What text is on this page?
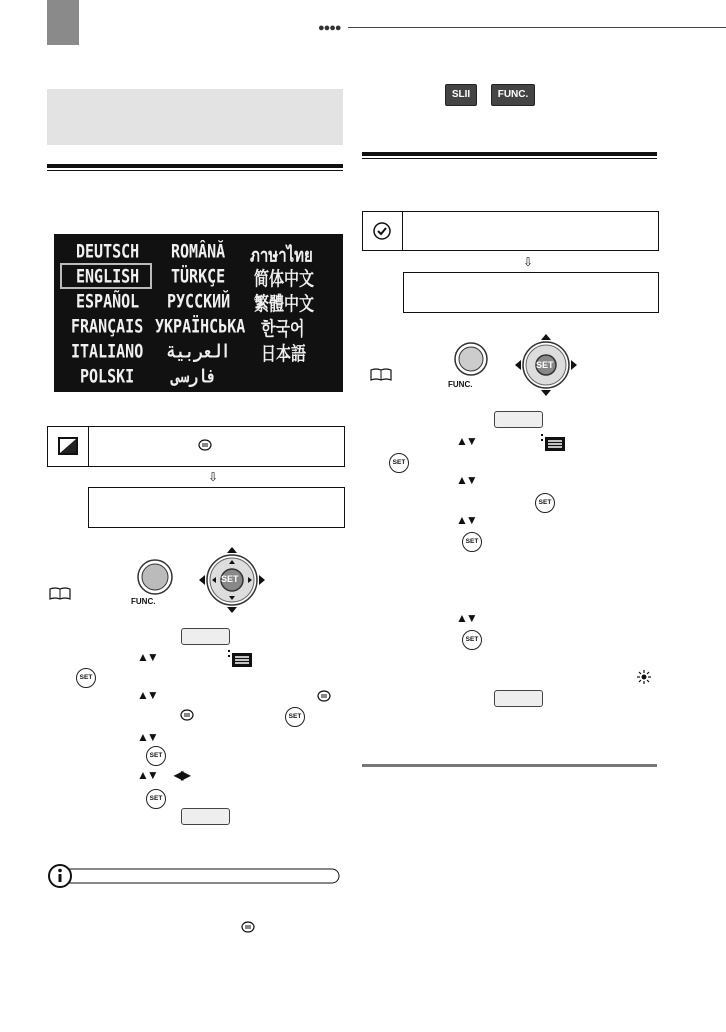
●●●●
SLII	FUNC.
DEUTSCH ROMÂNĂ ภาษาไทย
ENGLISH TÜRKÇE 简体中文
ESPAÑOL РУССКИЙ 繁體中文
FRANÇAIS УКРАЇНСЬКА 한국어
ITALIANO العربية 日本語
POLSKI فارسی
⇩
FUNC.
SET
▲▼
SET
▲▼
SET
▲▼
SET
▲▼ ◀▶
SET
⇩
FUNC.
SET
▲▼
SET
▲▼
SET
▲▼
SET
▲▼
SET
